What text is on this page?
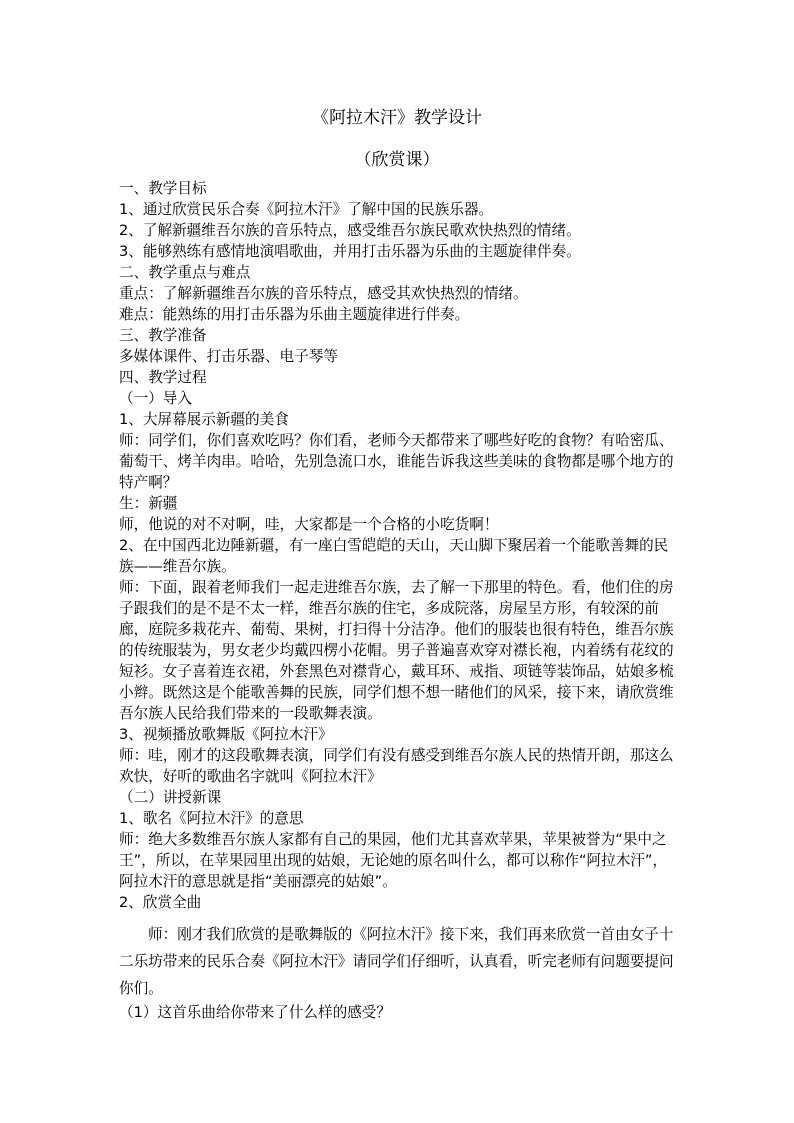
《阿拉木汗》教学设计
（欣赏课）

一、教学目标

1、通过欣赏民乐合奏《阿拉木汗》了解中国的民族乐器。

2、了解新疆维吾尔族的音乐特点，感受维吾尔族民歌欢快热烈的情绪。

3、能够熟练有感情地演唱歌曲，并用打击乐器为乐曲的主题旋律伴奏。

二、教学重点与难点

重点：了解新疆维吾尔族的音乐特点，感受其欢快热烈的情绪。

难点：能熟练的用打击乐器为乐曲主题旋律进行伴奏。

三、教学准备

多媒体课件、打击乐器、电子琴等

四、教学过程

（一）导入

1、大屏幕展示新疆的美食

师：同学们，你们喜欢吃吗？你们看，老师今天都带来了哪些好吃的食物？有哈密瓜、葡萄干、烤羊肉串。哈哈，先别急流口水，谁能告诉我这些美味的食物都是哪个地方的特产啊？

生：新疆

师，他说的对不对啊，哇，大家都是一个合格的小吃货啊！

2、在中国西北边陲新疆，有一座白雪皑皑的天山，天山脚下聚居着一个能歌善舞的民族——维吾尔族。

师：下面，跟着老师我们一起走进维吾尔族，去了解一下那里的特色。看，他们住的房子跟我们的是不是不太一样，维吾尔族的住宅，多成院落，房屋呈方形，有较深的前廊，庭院多栽花卉、葡萄、果树，打扫得十分洁净。他们的服装也很有特色，维吾尔族的传统服装为，男女老少均戴四楞小花帽。男子普遍喜欢穿对襟长袍，内着绣有花纹的短衫。女子喜着连衣裙，外套黑色对襟背心，戴耳环、戒指、项链等装饰品，姑娘多梳小辫。既然这是个能歌善舞的民族，同学们想不想一睹他们的风采，接下来，请欣赏维吾尔族人民给我们带来的一段歌舞表演。

3、视频播放歌舞版《阿拉木汗》

师：哇，刚才的这段歌舞表演，同学们有没有感受到维吾尔族人民的热情开朗，那这么欢快，好听的歌曲名字就叫《阿拉木汗》

（二）讲授新课

1、歌名《阿拉木汗》的意思

师：绝大多数维吾尔族人家都有自己的果园，他们尤其喜欢苹果，苹果被誉为“果中之王”，所以，在苹果园里出现的姑娘，无论她的原名叫什么，都可以称作“阿拉木汗”，阿拉木汗的意思就是指“美丽漂亮的姑娘”。

2、欣赏全曲

师：刚才我们欣赏的是歌舞版的《阿拉木汗》接下来，我们再来欣赏一首由女子十二乐坊带来的民乐合奏《阿拉木汗》请同学们仔细听，认真看，听完老师有问题要提问你们。

（1）这首乐曲给你带来了什么样的感受？
